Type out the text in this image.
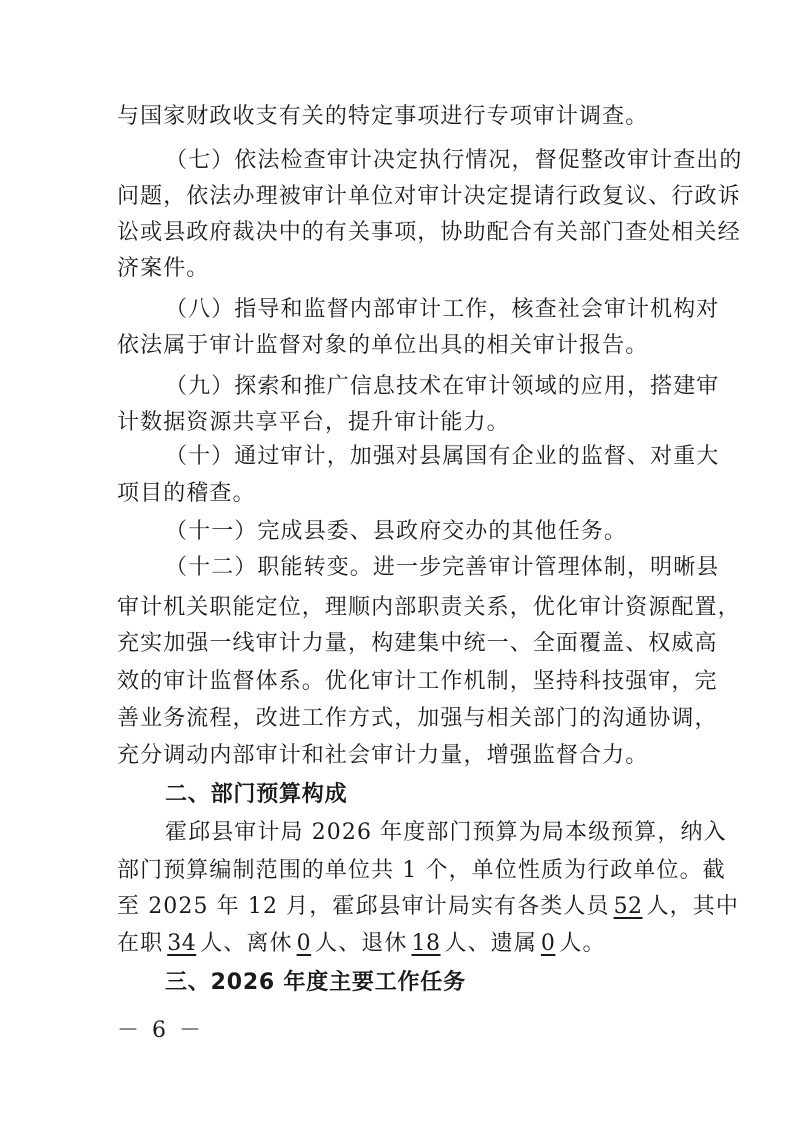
与国家财政收支有关的特定事项进行专项审计调查。
（七）依法检查审计决定执行情况，督促整改审计查出的
问题，依法办理被审计单位对审计决定提请行政复议、行政诉
讼或县政府裁决中的有关事项，协助配合有关部门查处相关经
济案件。
（八）指导和监督内部审计工作，核查社会审计机构对
依法属于审计监督对象的单位出具的相关审计报告。
（九）探索和推广信息技术在审计领域的应用，搭建审
计数据资源共享平台，提升审计能力。
（十）通过审计，加强对县属国有企业的监督、对重大
项目的稽查。
（十一）完成县委、县政府交办的其他任务。
（十二）职能转变。进一步完善审计管理体制，明晰县
审计机关职能定位，理顺内部职责关系，优化审计资源配置，
充实加强一线审计力量，构建集中统一、全面覆盖、权威高
效的审计监督体系。优化审计工作机制，坚持科技强审，完
善业务流程，改进工作方式，加强与相关部门的沟通协调，
充分调动内部审计和社会审计力量，增强监督合力。
二、部门预算构成
霍邱县审计局 2026 年度部门预算为局本级预算，纳入
部门预算编制范围的单位共 1 个，单位性质为行政单位。截
至 2025 年 12 月，霍邱县审计局实有各类人员 52 人，其中
在职 34 人、离休 0 人、退休 18 人、遗属 0 人。
三、2026 年度主要工作任务
－ 6 －
